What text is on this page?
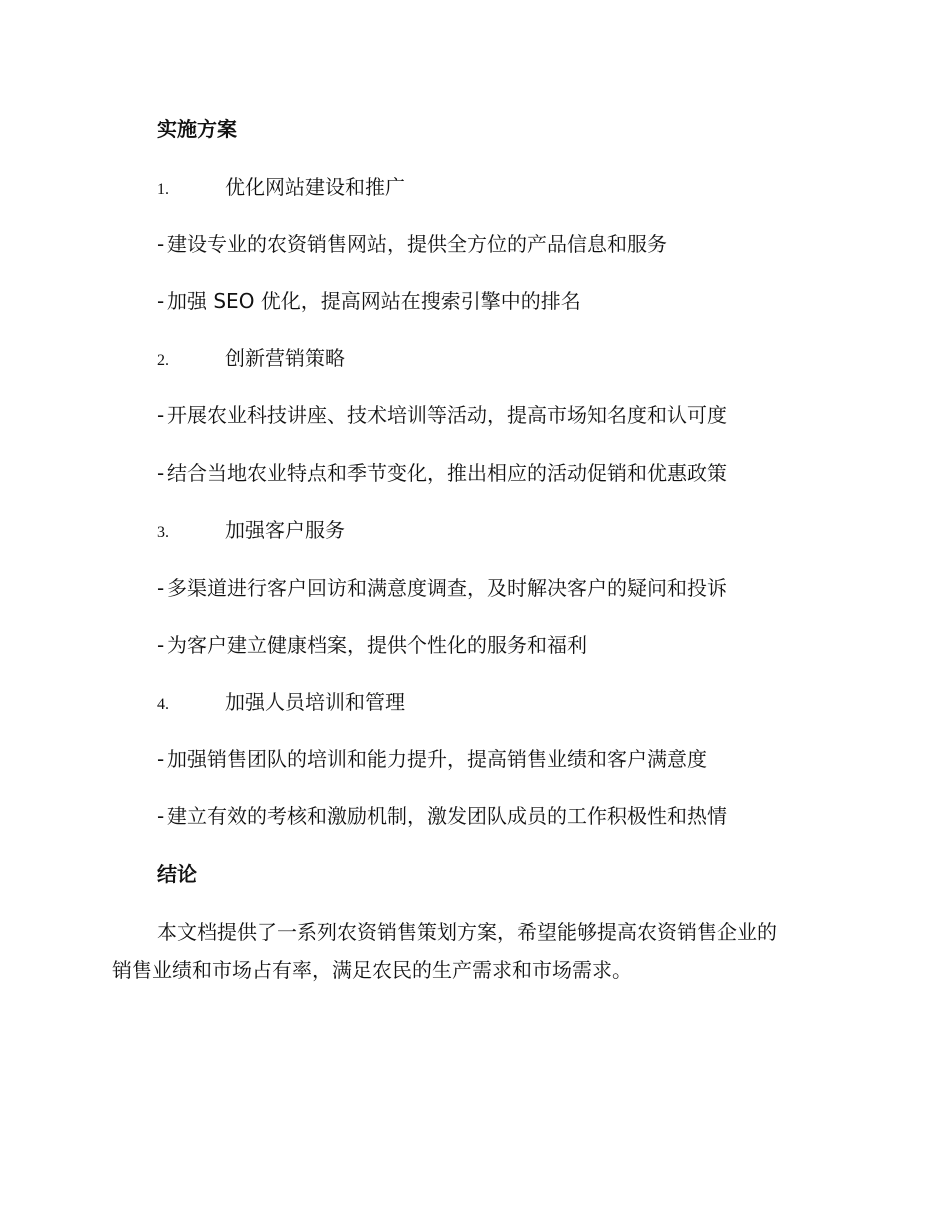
实施方案
1.	优化网站建设和推广
- 建设专业的农资销售网站，提供全方位的产品信息和服务
- 加强 SEO 优化，提高网站在搜索引擎中的排名
2.	创新营销策略
- 开展农业科技讲座、技术培训等活动，提高市场知名度和认可度
- 结合当地农业特点和季节变化，推出相应的活动促销和优惠政策
3.	加强客户服务
- 多渠道进行客户回访和满意度调查，及时解决客户的疑问和投诉
- 为客户建立健康档案，提供个性化的服务和福利
4.	加强人员培训和管理
- 加强销售团队的培训和能力提升，提高销售业绩和客户满意度
- 建立有效的考核和激励机制，激发团队成员的工作积极性和热情
结论

本文档提供了一系列农资销售策划方案，希望能够提高农资销售企业的
销售业绩和市场占有率，满足农民的生产需求和市场需求。
